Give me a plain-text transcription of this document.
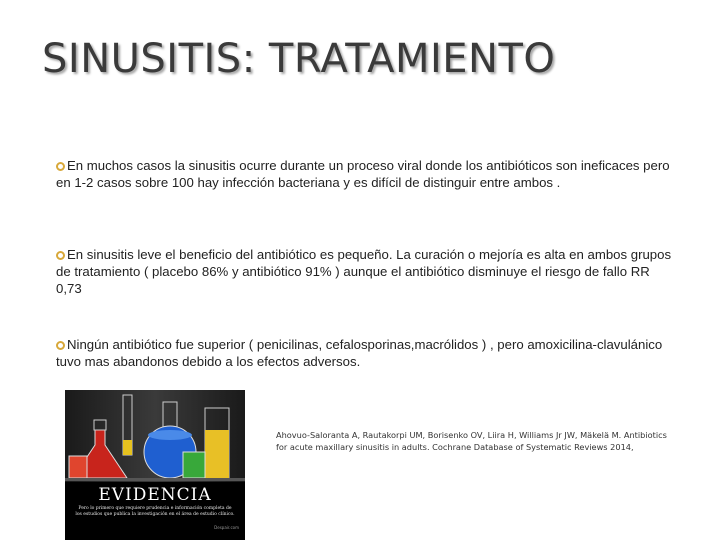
SINUSITIS: TRATAMIENTO
En muchos casos la sinusitis ocurre durante un proceso viral donde los antibióticos son ineficaces pero en 1-2 casos sobre 100 hay infección bacteriana y es difícil de distinguir entre ambos .
En sinusitis leve el beneficio del antibiótico es pequeño. La curación o mejoría es alta en ambos grupos de tratamiento ( placebo 86% y antibiótico 91% ) aunque el antibiótico disminuye el riesgo de fallo RR 0,73
Ningún antibiótico fue superior ( penicilinas, cefalosporinas,macrólidos ) , pero amoxicilina-clavulánico tuvo mas abandonos debido a los efectos adversos.
EVIDENCIA
Pero lo primero que requiere prudencia e información completa de los estudios que publica la investigación en el área de estudio clínico.
Despair.com
Ahovuo-Saloranta A, Rautakorpi UM, Borisenko OV, Liira H, Williams Jr JW, Mäkelä M. Antibiotics for acute maxillary sinusitis in adults. Cochrane Database of Systematic Reviews 2014,
